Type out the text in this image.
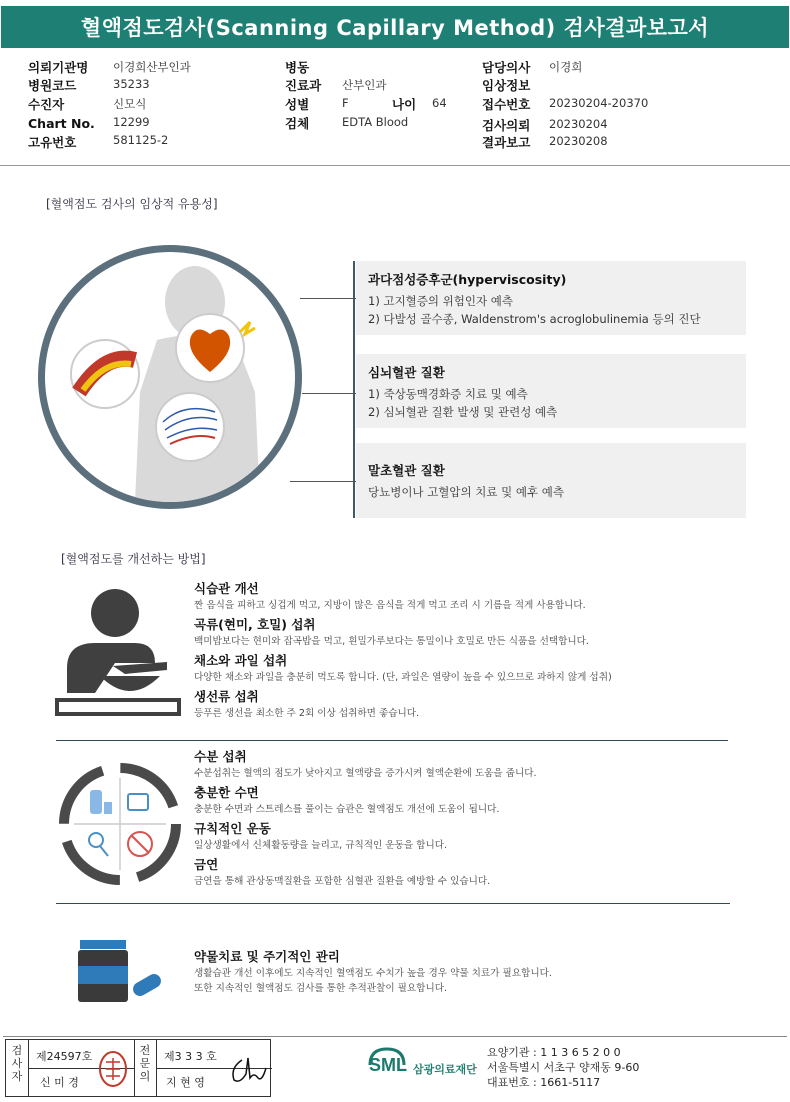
혈액점도검사(Scanning Capillary Method) 검사결과보고서
의뢰기관명 이경희산부인과
병원코드	35233
수진자	신모식
Chart No. 12299
고유번호	581125-2
병동
진료과 산부인과
성별	F	나이 64
검체	EDTA Blood
담당의사 이경희
임상정보
접수번호 20230204-20370
검사의뢰 20230204
결과보고 20230208
[혈액점도 검사의 임상적 유용성]
과다점성증후군(hyperviscosity)
1) 고지혈증의 위험인자 예측
2) 다발성 골수종, Waldenstrom's acroglobulinemia 등의 진단
심뇌혈관 질환
1) 죽상동맥경화증 치료 및 예측
2) 심뇌혈관 질환 발생 및 관련성 예측
말초혈관 질환
당뇨병이나 고혈압의 치료 및 예후 예측
[혈액점도를 개선하는 방법]
식습관 개선
짠 음식을 피하고 싱겁게 먹고, 지방이 많은 음식을 적게 먹고 조리 시 기름을 적게 사용합니다.
곡류(현미, 호밀) 섭취
백미밥보다는 현미와 잡곡밥을 먹고, 흰밀가루보다는 통밀이나 호밀로 만든 식품을 선택합니다.
채소와 과일 섭취
다양한 채소와 과일을 충분히 먹도록 합니다. (단, 과일은 열량이 높을 수 있으므로 과하지 않게 섭취)
생선류 섭취
등푸른 생선을 최소한 주 2회 이상 섭취하면 좋습니다.
수분 섭취
수분섭취는 혈액의 점도가 낮아지고 혈액량을 증가시켜 혈액순환에 도움을 줍니다.
충분한 수면
충분한 수면과 스트레스를 풀이는 습관은 혈액점도 개선에 도움이 됩니다.
규칙적인 운동
일상생활에서 신체활동량을 늘리고, 규칙적인 운동을 합니다.
금연
금연을 통해 관상동맥질환을 포함한 심혈관 질환을 예방할 수 있습니다.
약물치료 및 주기적인 관리
생활습관 개선 이후에도 지속적인 혈액점도 수치가 높을 경우 약물 치료가 필요합니다.
또한 지속적인 혈액점도 검사를 통한 추적관찰이 필요합니다.
검사자
제24597호
신 미 경
전문의
제3 3 3 호
지 현 영
SML 삼광의료재단
요양기관 : 1 1 3 6 5 2 0 0
서울특별시 서초구 양재동 9-60
대표번호 : 1661-5117
